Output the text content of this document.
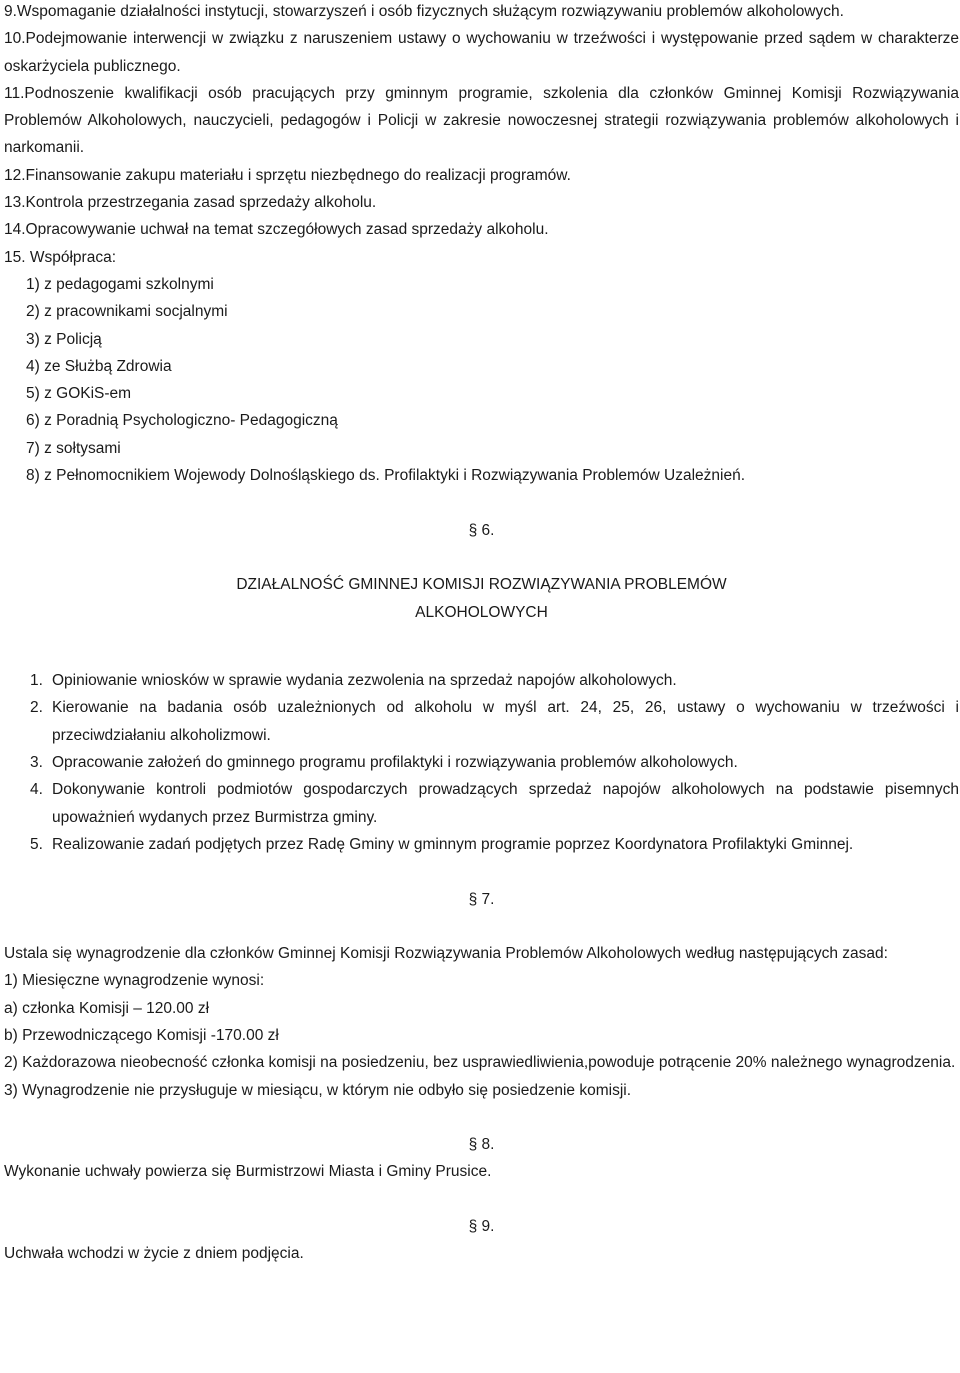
9.Wspomaganie działalności instytucji, stowarzyszeń i osób fizycznych służącym rozwiązywaniu problemów alkoholowych.

10.Podejmowanie interwencji w związku z naruszeniem ustawy o wychowaniu w trzeźwości i występowanie przed sądem w charakterze oskarżyciela publicznego.

11.Podnoszenie kwalifikacji osób pracujących przy gminnym programie, szkolenia dla członków Gminnej Komisji Rozwiązywania Problemów Alkoholowych, nauczycieli, pedagogów i Policji w zakresie nowoczesnej strategii rozwiązywania problemów alkoholowych i narkomanii.

12.Finansowanie zakupu materiału i sprzętu niezbędnego do realizacji programów.

13.Kontrola przestrzegania zasad sprzedaży alkoholu.

14.Opracowywanie uchwał na temat szczegółowych zasad sprzedaży alkoholu.

15. Współpraca:

1) z pedagogami szkolnymi

2) z pracownikami socjalnymi

3) z Policją

4) ze Służbą Zdrowia

5) z GOKiS-em

6) z Poradnią Psychologiczno- Pedagogiczną

7) z sołtysami

8) z Pełnomocnikiem Wojewody Dolnośląskiego ds. Profilaktyki i Rozwiązywania Problemów Uzależnień.

§ 6.

DZIAŁALNOŚĆ GMINNEJ KOMISJI ROZWIĄZYWANIA PROBLEMÓW

ALKOHOLOWYCH

1. Opiniowanie wniosków w sprawie wydania zezwolenia na sprzedaż napojów alkoholowych.
2. Kierowanie na badania osób uzależnionych od alkoholu w myśl art. 24, 25, 26, ustawy o wychowaniu w trzeźwości i przeciwdziałaniu alkoholizmowi.
3. Opracowanie założeń do gminnego programu profilaktyki i rozwiązywania problemów alkoholowych.
4. Dokonywanie kontroli podmiotów gospodarczych prowadzących sprzedaż napojów alkoholowych na podstawie pisemnych upoważnień wydanych przez Burmistrza gminy.
5. Realizowanie zadań podjętych przez Radę Gminy w gminnym programie poprzez Koordynatora Profilaktyki Gminnej.

§ 7.

Ustala się wynagrodzenie dla członków Gminnej Komisji Rozwiązywania Problemów Alkoholowych według następujących zasad:

1) Miesięczne wynagrodzenie wynosi:

a) członka Komisji – 120.00 zł

b) Przewodniczącego Komisji -170.00 zł

2) Każdorazowa nieobecność członka komisji na posiedzeniu, bez usprawiedliwienia,powoduje potrącenie 20% należnego wynagrodzenia.

3) Wynagrodzenie nie przysługuje w miesiącu, w którym nie odbyło się posiedzenie komisji.

§ 8.

Wykonanie uchwały powierza się Burmistrzowi Miasta i Gminy Prusice.

§ 9.

Uchwała wchodzi w życie z dniem podjęcia.
